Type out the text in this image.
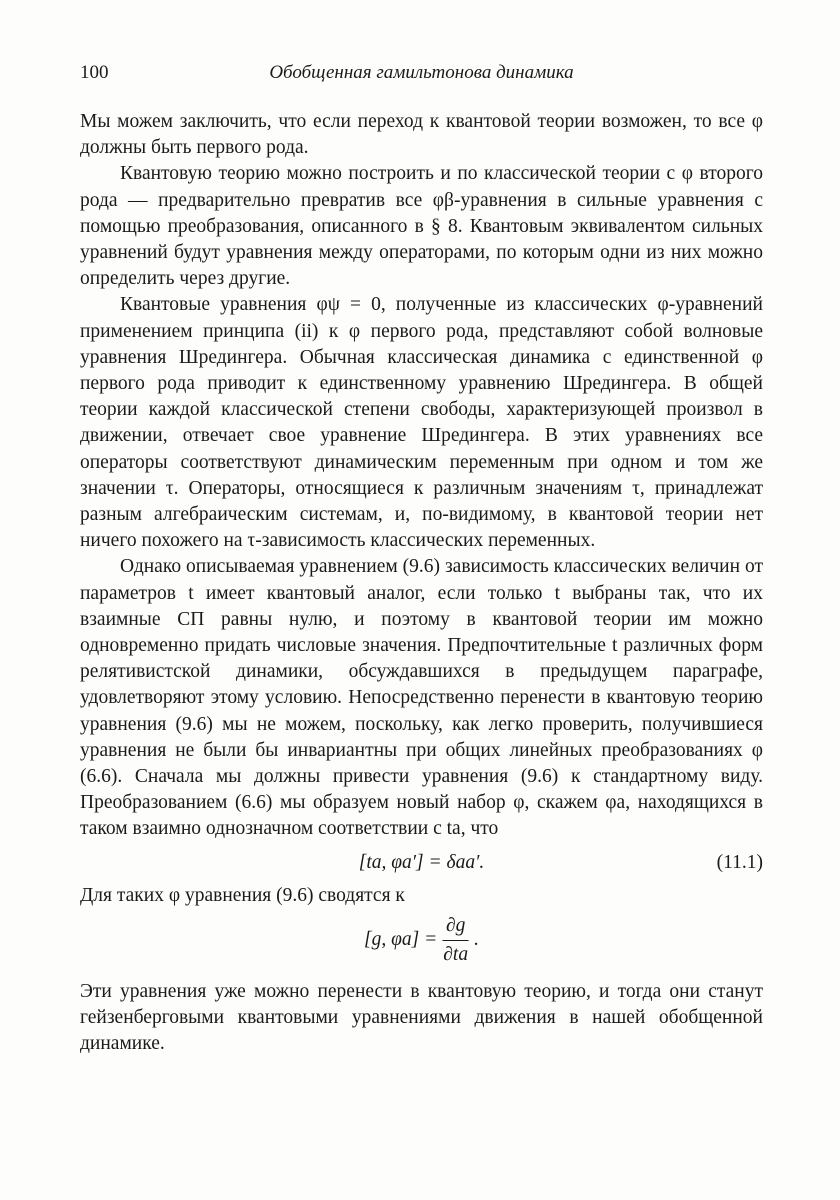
100	Обобщенная гамильтонова динамика

Мы можем заключить, что если переход к квантовой теории возможен, то все φ должны быть первого рода.

Квантовую теорию можно построить и по классической теории с φ второго рода — предварительно превратив все φβ-уравнения в сильные уравнения с помощью преобразования, описанного в § 8. Квантовым эквивалентом сильных уравнений будут уравнения между операторами, по которым одни из них можно определить через другие.

Квантовые уравнения φψ = 0, полученные из классических φ-уравнений применением принципа (ii) к φ первого рода, представляют собой волновые уравнения Шредингера. Обычная классическая динамика с единственной φ первого рода приводит к единственному уравнению Шредингера. В общей теории каждой классической степени свободы, характеризующей произвол в движении, отвечает свое уравнение Шредингера. В этих уравнениях все операторы соответствуют динамическим переменным при одном и том же значении τ. Операторы, относящиеся к различным значениям τ, принадлежат разным алгебраическим системам, и, по-видимому, в квантовой теории нет ничего похожего на τ-зависимость классических переменных.

Однако описываемая уравнением (9.6) зависимость классических величин от параметров t имеет квантовый аналог, если только t выбраны так, что их взаимные СП равны нулю, и поэтому в квантовой теории им можно одновременно придать числовые значения. Предпочтительные t различных форм релятивистской динамики, обсуждавшихся в предыдущем параграфе, удовлетворяют этому условию. Непосредственно перенести в квантовую теорию уравнения (9.6) мы не можем, поскольку, как легко проверить, получившиеся уравнения не были бы инвариантны при общих линейных преобразованиях φ (6.6). Сначала мы должны привести уравнения (9.6) к стандартному виду. Преобразованием (6.6) мы образуем новый набор φ, скажем φa, находящихся в таком взаимно однозначном соответствии с ta, что

[ta, φa′] = δaa′.	(11.1)

Для таких φ уравнения (9.6) сводятся к

[g, $\varphi a] = \frac{\partial g}{\partial ta}$ .

Эти уравнения уже можно перенести в квантовую теорию, и тогда они станут гейзенберговыми квантовыми уравнениями движения в нашей обобщенной динамике.
